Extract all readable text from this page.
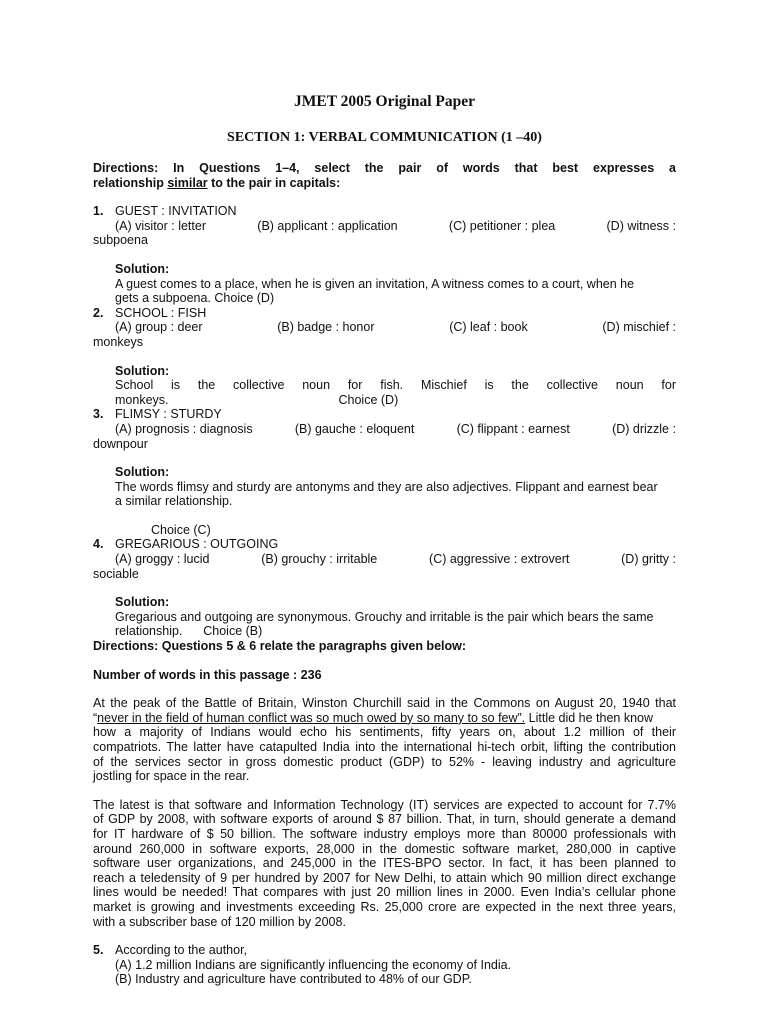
JMET 2005 Original Paper
SECTION 1: VERBAL COMMUNICATION (1 –40)

Directions: In Questions 1–4, select the pair of words that best expresses a

relationship similar to the pair in capitals:

1. GUEST : INVITATION
(A) visitor : letter	(B) applicant : application	(C) petitioner : plea	(D) witness :

subpoena

Solution:

A guest comes to a place, when he is given an invitation, A witness comes to a court, when he

gets a subpoena. Choice (D)

2. SCHOOL : FISH
(A) group : deer	(B) badge : honor	(C) leaf : book	(D) mischief :

monkeys

Solution:

School is the collective noun for fish. Mischief is the collective noun for

monkeys.	Choice (D)

3. FLIMSY : STURDY
(A) prognosis : diagnosis	(B) gauche : eloquent	(C) flippant : earnest	(D) drizzle :

downpour

Solution:

The words flimsy and sturdy are antonyms and they are also adjectives. Flippant and earnest bear

a similar relationship.

Choice (C)
4. GREGARIOUS : OUTGOING
(A) groggy : lucid	(B) grouchy : irritable	(C) aggressive : extrovert	(D) gritty :

sociable

Solution:

Gregarious and outgoing are synonymous. Grouchy and irritable is the pair which bears the same

relationship.      Choice (B)

Directions: Questions 5 & 6 relate the paragraphs given below:

Number of words in this passage : 236

At the peak of the Battle of Britain, Winston Churchill said in the Commons on August 20, 1940 that

“never in the field of human conflict was so much owed by so many to so few”. Little did he then know

how a majority of Indians would echo his sentiments, fifty years on, about 1.2 million of their

compatriots. The latter have catapulted India into the international hi-tech orbit, lifting the contribution

of the services sector in gross domestic product (GDP) to 52% - leaving industry and agriculture

jostling for space in the rear.

The latest is that software and Information Technology (IT) services are expected to account for 7.7%

of GDP by 2008, with software exports of around $ 87 billion. That, in turn, should generate a demand

for IT hardware of $ 50 billion. The software industry employs more than 80000 professionals with

around 260,000 in software exports, 28,000 in the domestic software market, 280,000 in captive

software user organizations, and 245,000 in the ITES-BPO sector. In fact, it has been planned to

reach a teledensity of 9 per hundred by 2007 for New Delhi, to attain which 90 million direct exchange

lines would be needed! That compares with just 20 million lines in 2000. Even India’s cellular phone

market is growing and investments exceeding Rs. 25,000 crore are expected in the next three years,

with a subscriber base of 120 million by 2008.

5. According to the author,

(A) 1.2 million Indians are significantly influencing the economy of India.

(B) Industry and agriculture have contributed to 48% of our GDP.
